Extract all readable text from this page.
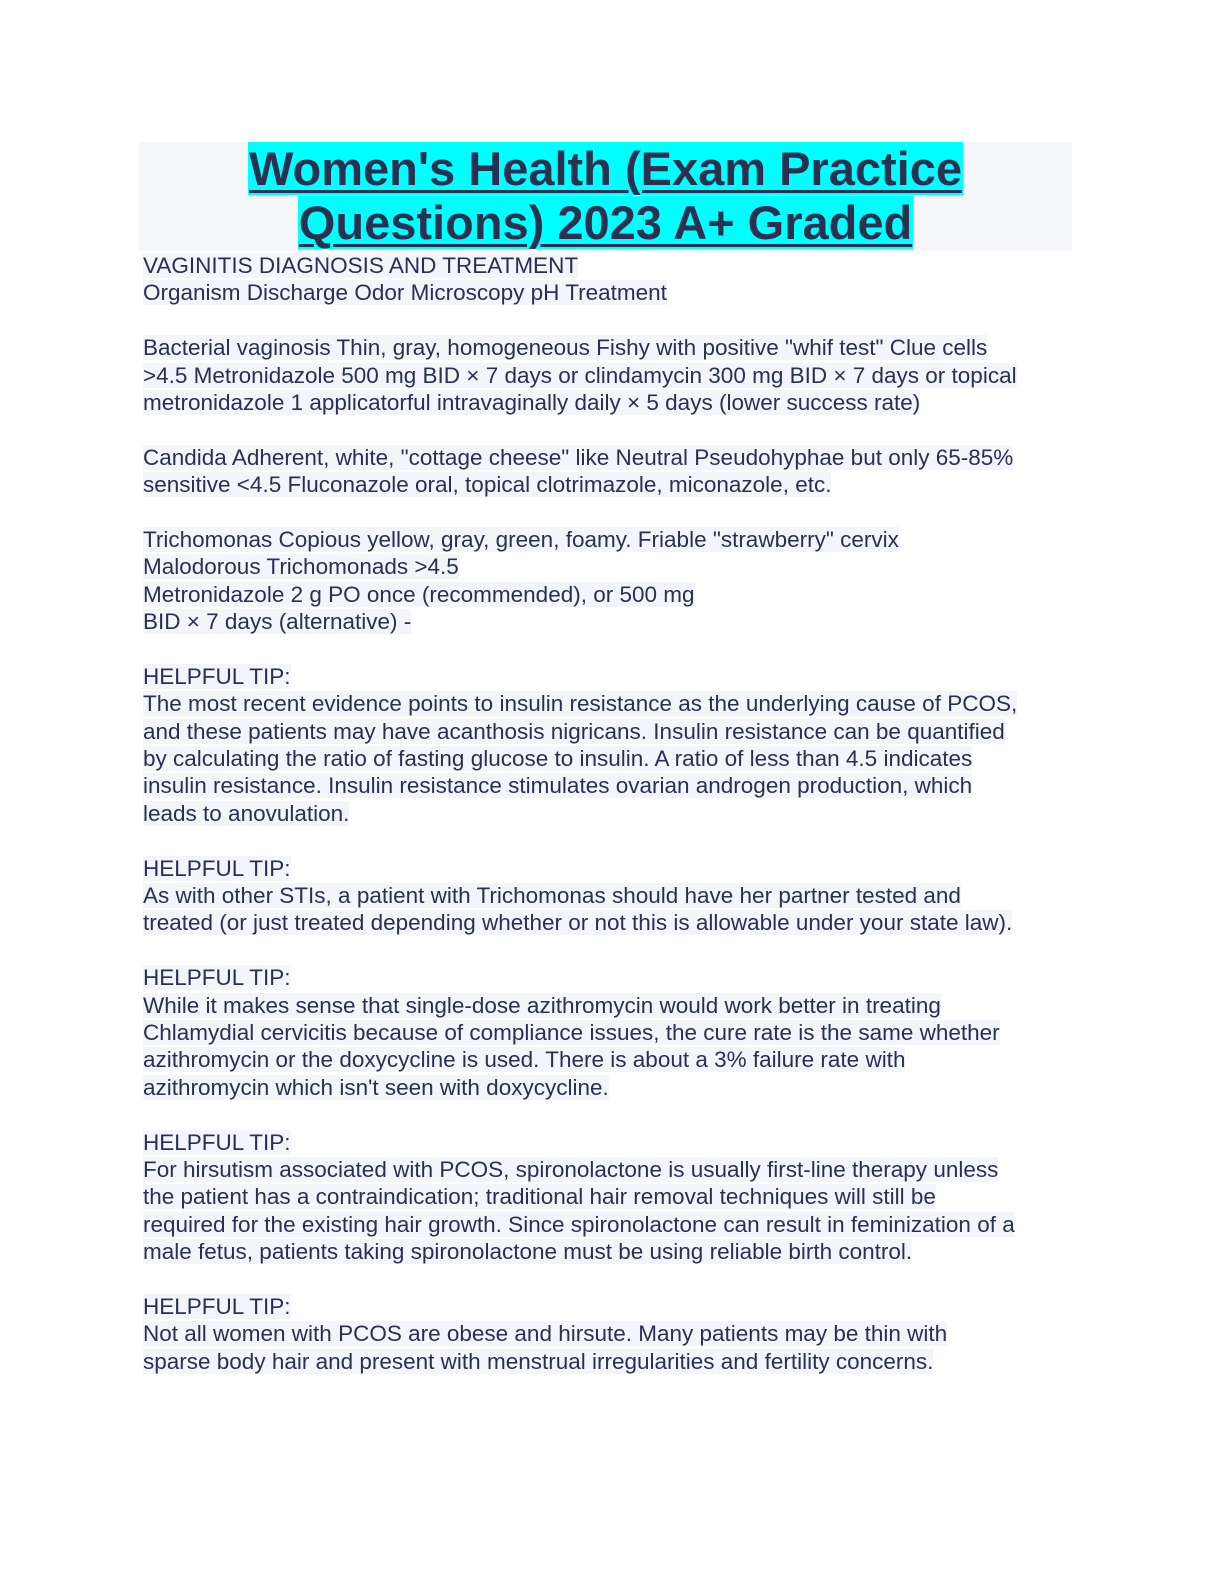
Women's Health (Exam Practice
Questions) 2023 A+ Graded
VAGINITIS DIAGNOSIS AND TREATMENT
Organism Discharge Odor Microscopy pH Treatment
Bacterial vaginosis Thin, gray, homogeneous Fishy with positive "whif test" Clue cells
>4.5 Metronidazole 500 mg BID × 7 days or clindamycin 300 mg BID × 7 days or topical
metronidazole 1 applicatorful intravaginally daily × 5 days (lower success rate)
Candida Adherent, white, "cottage cheese" like Neutral Pseudohyphae but only 65-85%
sensitive <4.5 Fluconazole oral, topical clotrimazole, miconazole, etc.
Trichomonas Copious yellow, gray, green, foamy. Friable "strawberry" cervix
Malodorous Trichomonads >4.5
Metronidazole 2 g PO once (recommended), or 500 mg
BID × 7 days (alternative) -
HELPFUL TIP:
The most recent evidence points to insulin resistance as the underlying cause of PCOS,
and these patients may have acanthosis nigricans. Insulin resistance can be quantified
by calculating the ratio of fasting glucose to insulin. A ratio of less than 4.5 indicates
insulin resistance. Insulin resistance stimulates ovarian androgen production, which
leads to anovulation.
HELPFUL TIP:
As with other STIs, a patient with Trichomonas should have her partner tested and
treated (or just treated depending whether or not this is allowable under your state law).
HELPFUL TIP:
While it makes sense that single-dose azithromycin would work better in treating
Chlamydial cervicitis because of compliance issues, the cure rate is the same whether
azithromycin or the doxycycline is used. There is about a 3% failure rate with
azithromycin which isn't seen with doxycycline.
HELPFUL TIP:
For hirsutism associated with PCOS, spironolactone is usually first-line therapy unless
the patient has a contraindication; traditional hair removal techniques will still be
required for the existing hair growth. Since spironolactone can result in feminization of a
male fetus, patients taking spironolactone must be using reliable birth control.
HELPFUL TIP:
Not all women with PCOS are obese and hirsute. Many patients may be thin with
sparse body hair and present with menstrual irregularities and fertility concerns.
